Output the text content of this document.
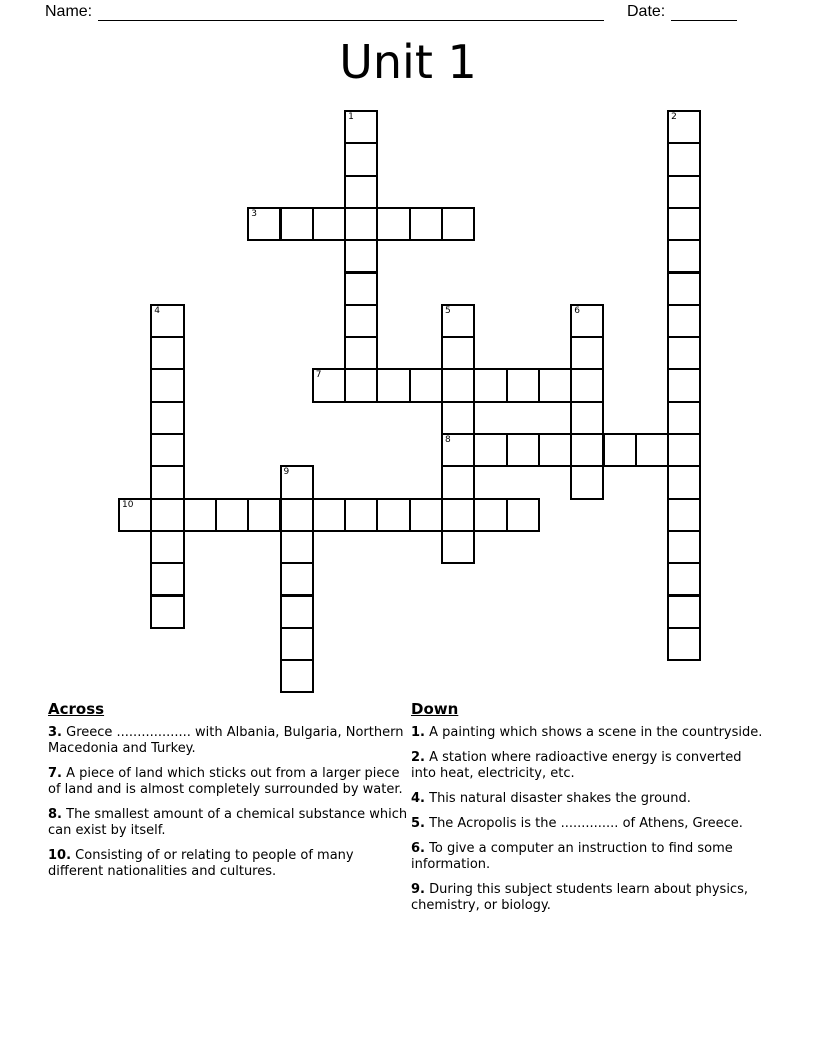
Name:	Date:
Unit 1
1	2
3
4	5
8
6
7
9
10
Across
3. Greece .................. with Albania, Bulgaria, Northern Macedonia and Turkey.
7. A piece of land which sticks out from a larger piece of land and is almost completely surrounded by water.
8. The smallest amount of a chemical substance which can exist by itself.
10. Consisting of or relating to people of many different nationalities and cultures.
Down
1. A painting which shows a scene in the countryside.
2. A station where radioactive energy is converted into heat, electricity, etc.
4. This natural disaster shakes the ground.
5. The Acropolis is the .............. of Athens, Greece.
6. To give a computer an instruction to find some information.
9. During this subject students learn about physics, chemistry, or biology.
